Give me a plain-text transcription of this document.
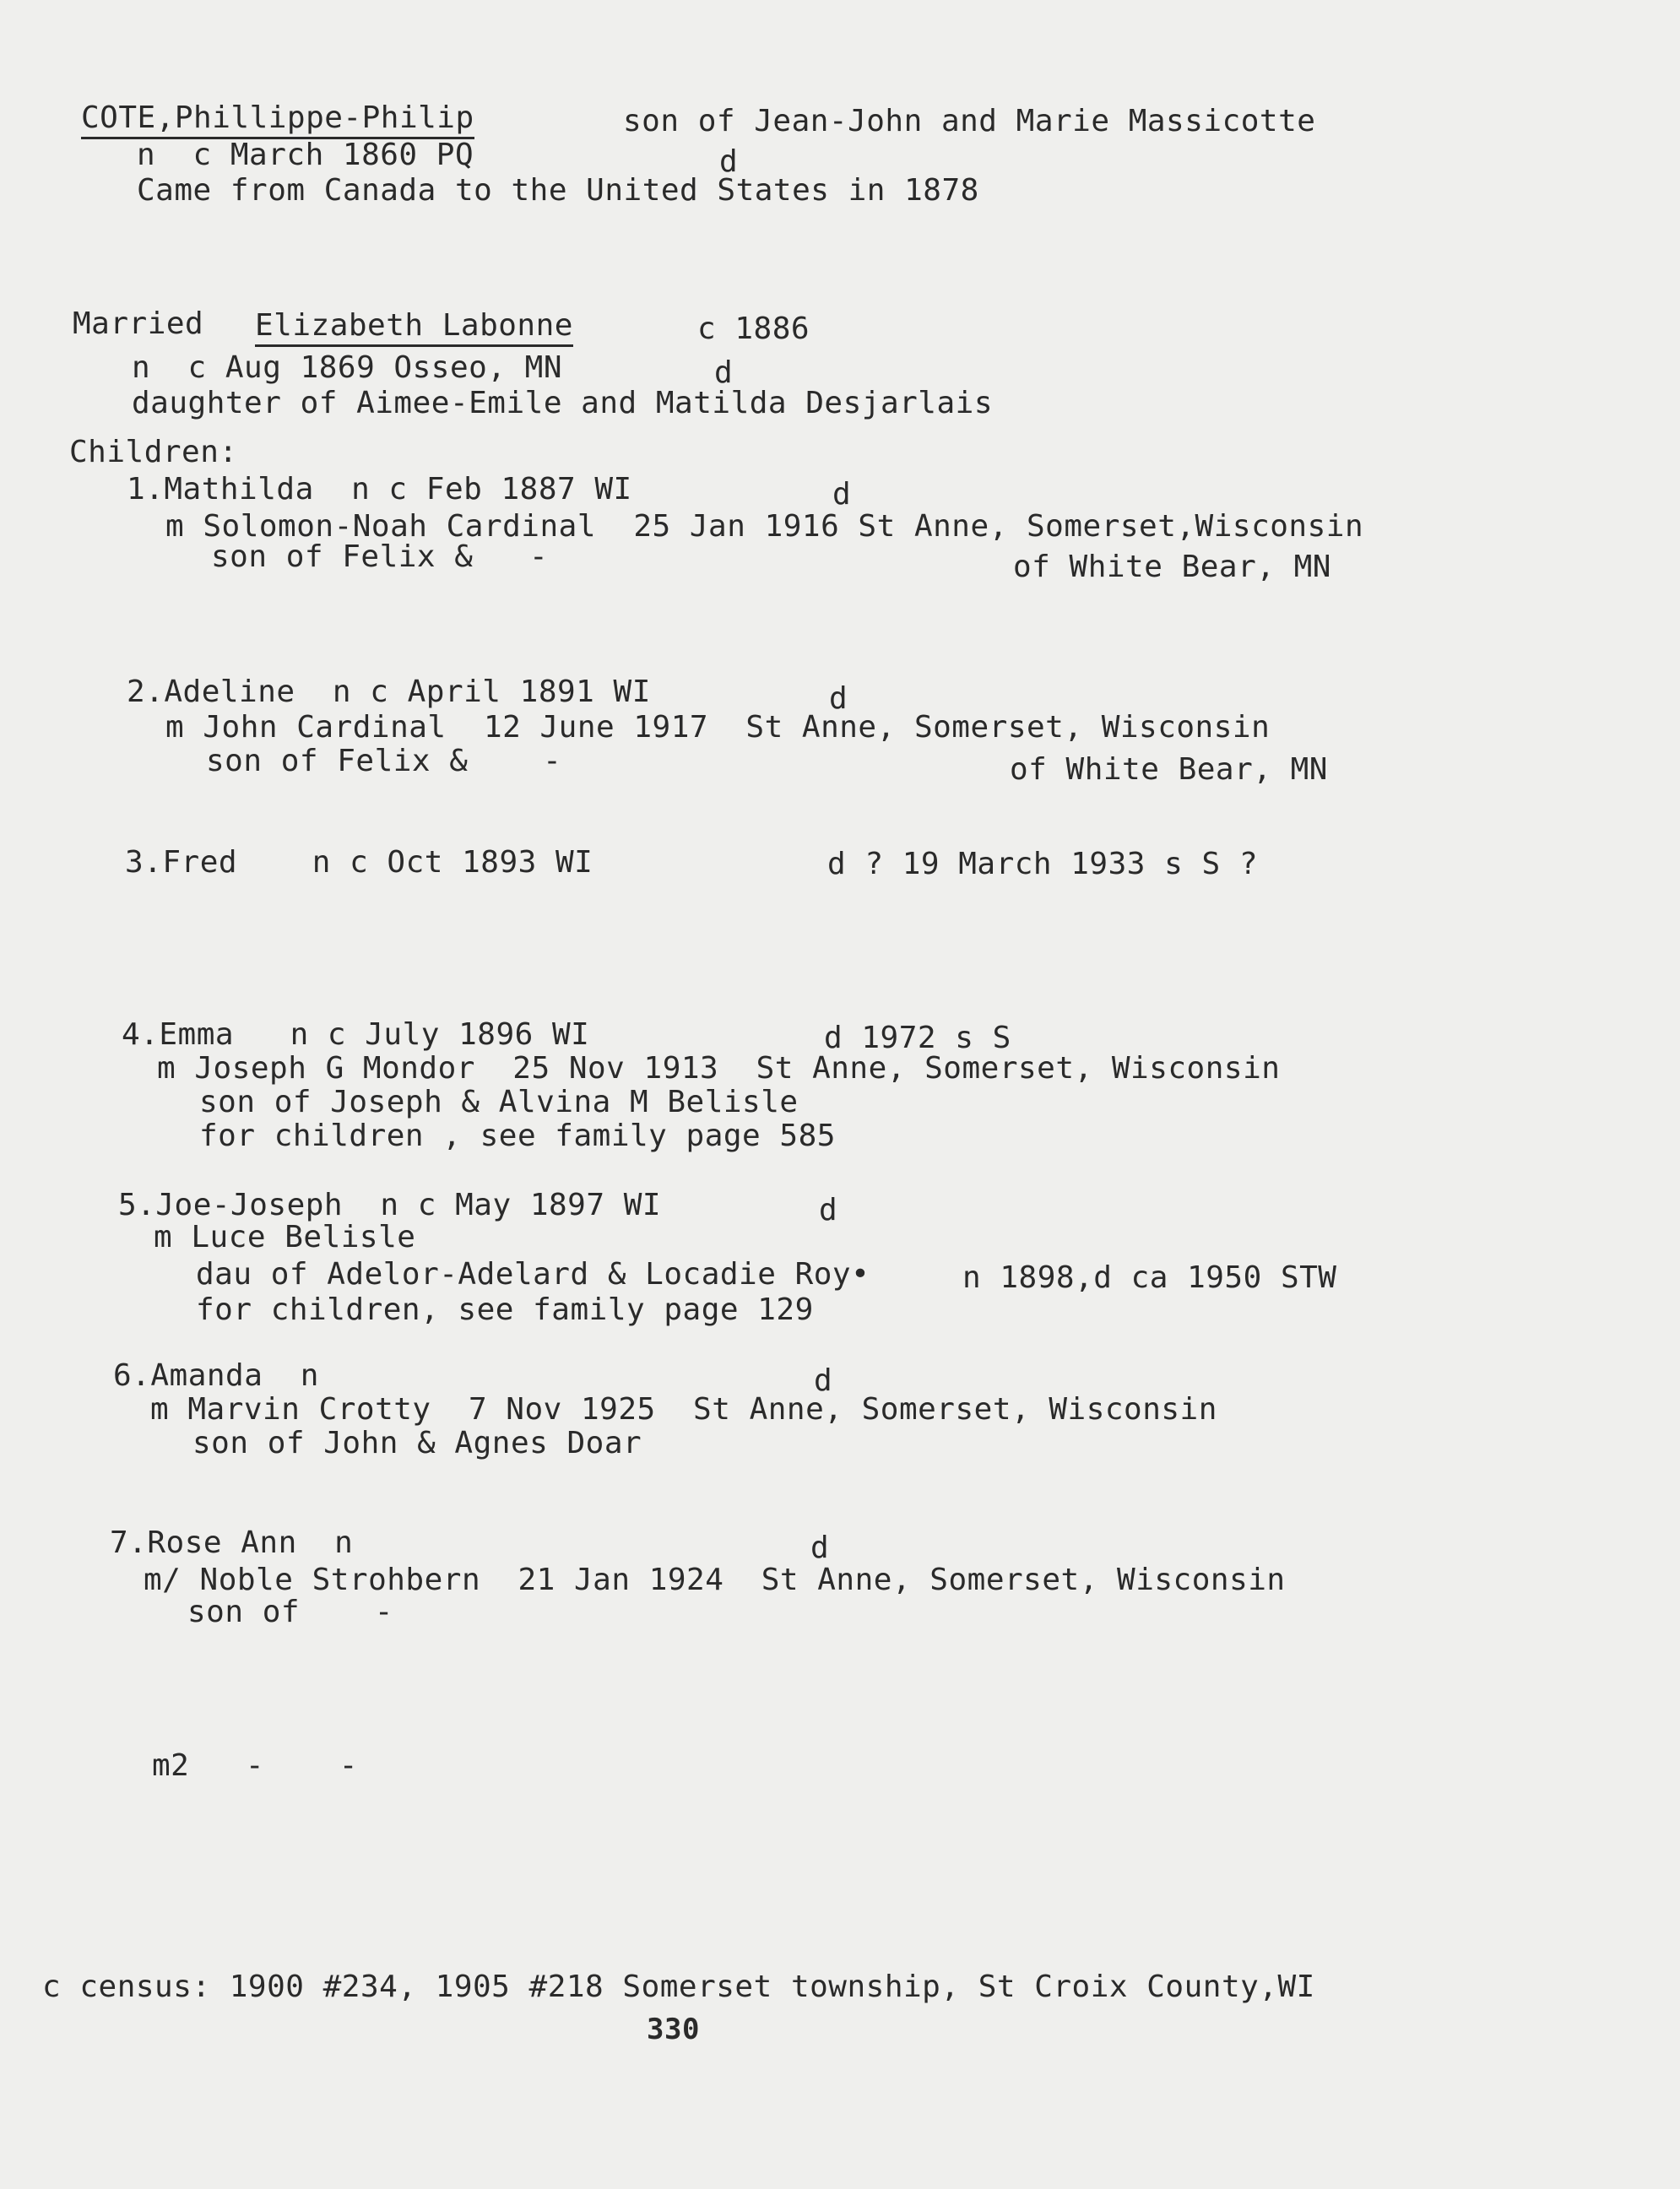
COTE,Phillippe-Philip	son of Jean-John and Marie Massicotte
n  c March 1860 PQ	d
Came from Canada to the United States in 1878
Married Elizabeth Labonne	c 1886
n  c Aug 1869 Osseo, MN	d
daughter of Aimee-Emile and Matilda Desjarlais
Children:
1.Mathilda  n c Feb 1887 WI	d
m Solomon-Noah Cardinal  25 Jan 1916 St Anne, Somerset,Wisconsin
son of Felix &   -	of White Bear, MN
2.Adeline  n c April 1891 WI	d
m John Cardinal  12 June 1917  St Anne, Somerset, Wisconsin
son of Felix &    -	of White Bear, MN
3.Fred    n c Oct 1893 WI	d ? 19 March 1933 s S ?
4.Emma   n c July 1896 WI	d 1972 s S
m Joseph G Mondor  25 Nov 1913  St Anne, Somerset, Wisconsin
son of Joseph & Alvina M Belisle
for children , see family page 585
5.Joe-Joseph  n c May 1897 WI	d
m Luce Belisle
dau of Adelor-Adelard & Locadie Roy•	n 1898,d ca 1950 STW
for children, see family page 129
6.Amanda  n	d
m Marvin Crotty  7 Nov 1925  St Anne, Somerset, Wisconsin
son of John & Agnes Doar
7.Rose Ann  n	d
m/ Noble Strohbern  21 Jan 1924  St Anne, Somerset, Wisconsin
son of    -
m2   -    -
c census: 1900 #234, 1905 #218 Somerset township, St Croix County,WI
330
